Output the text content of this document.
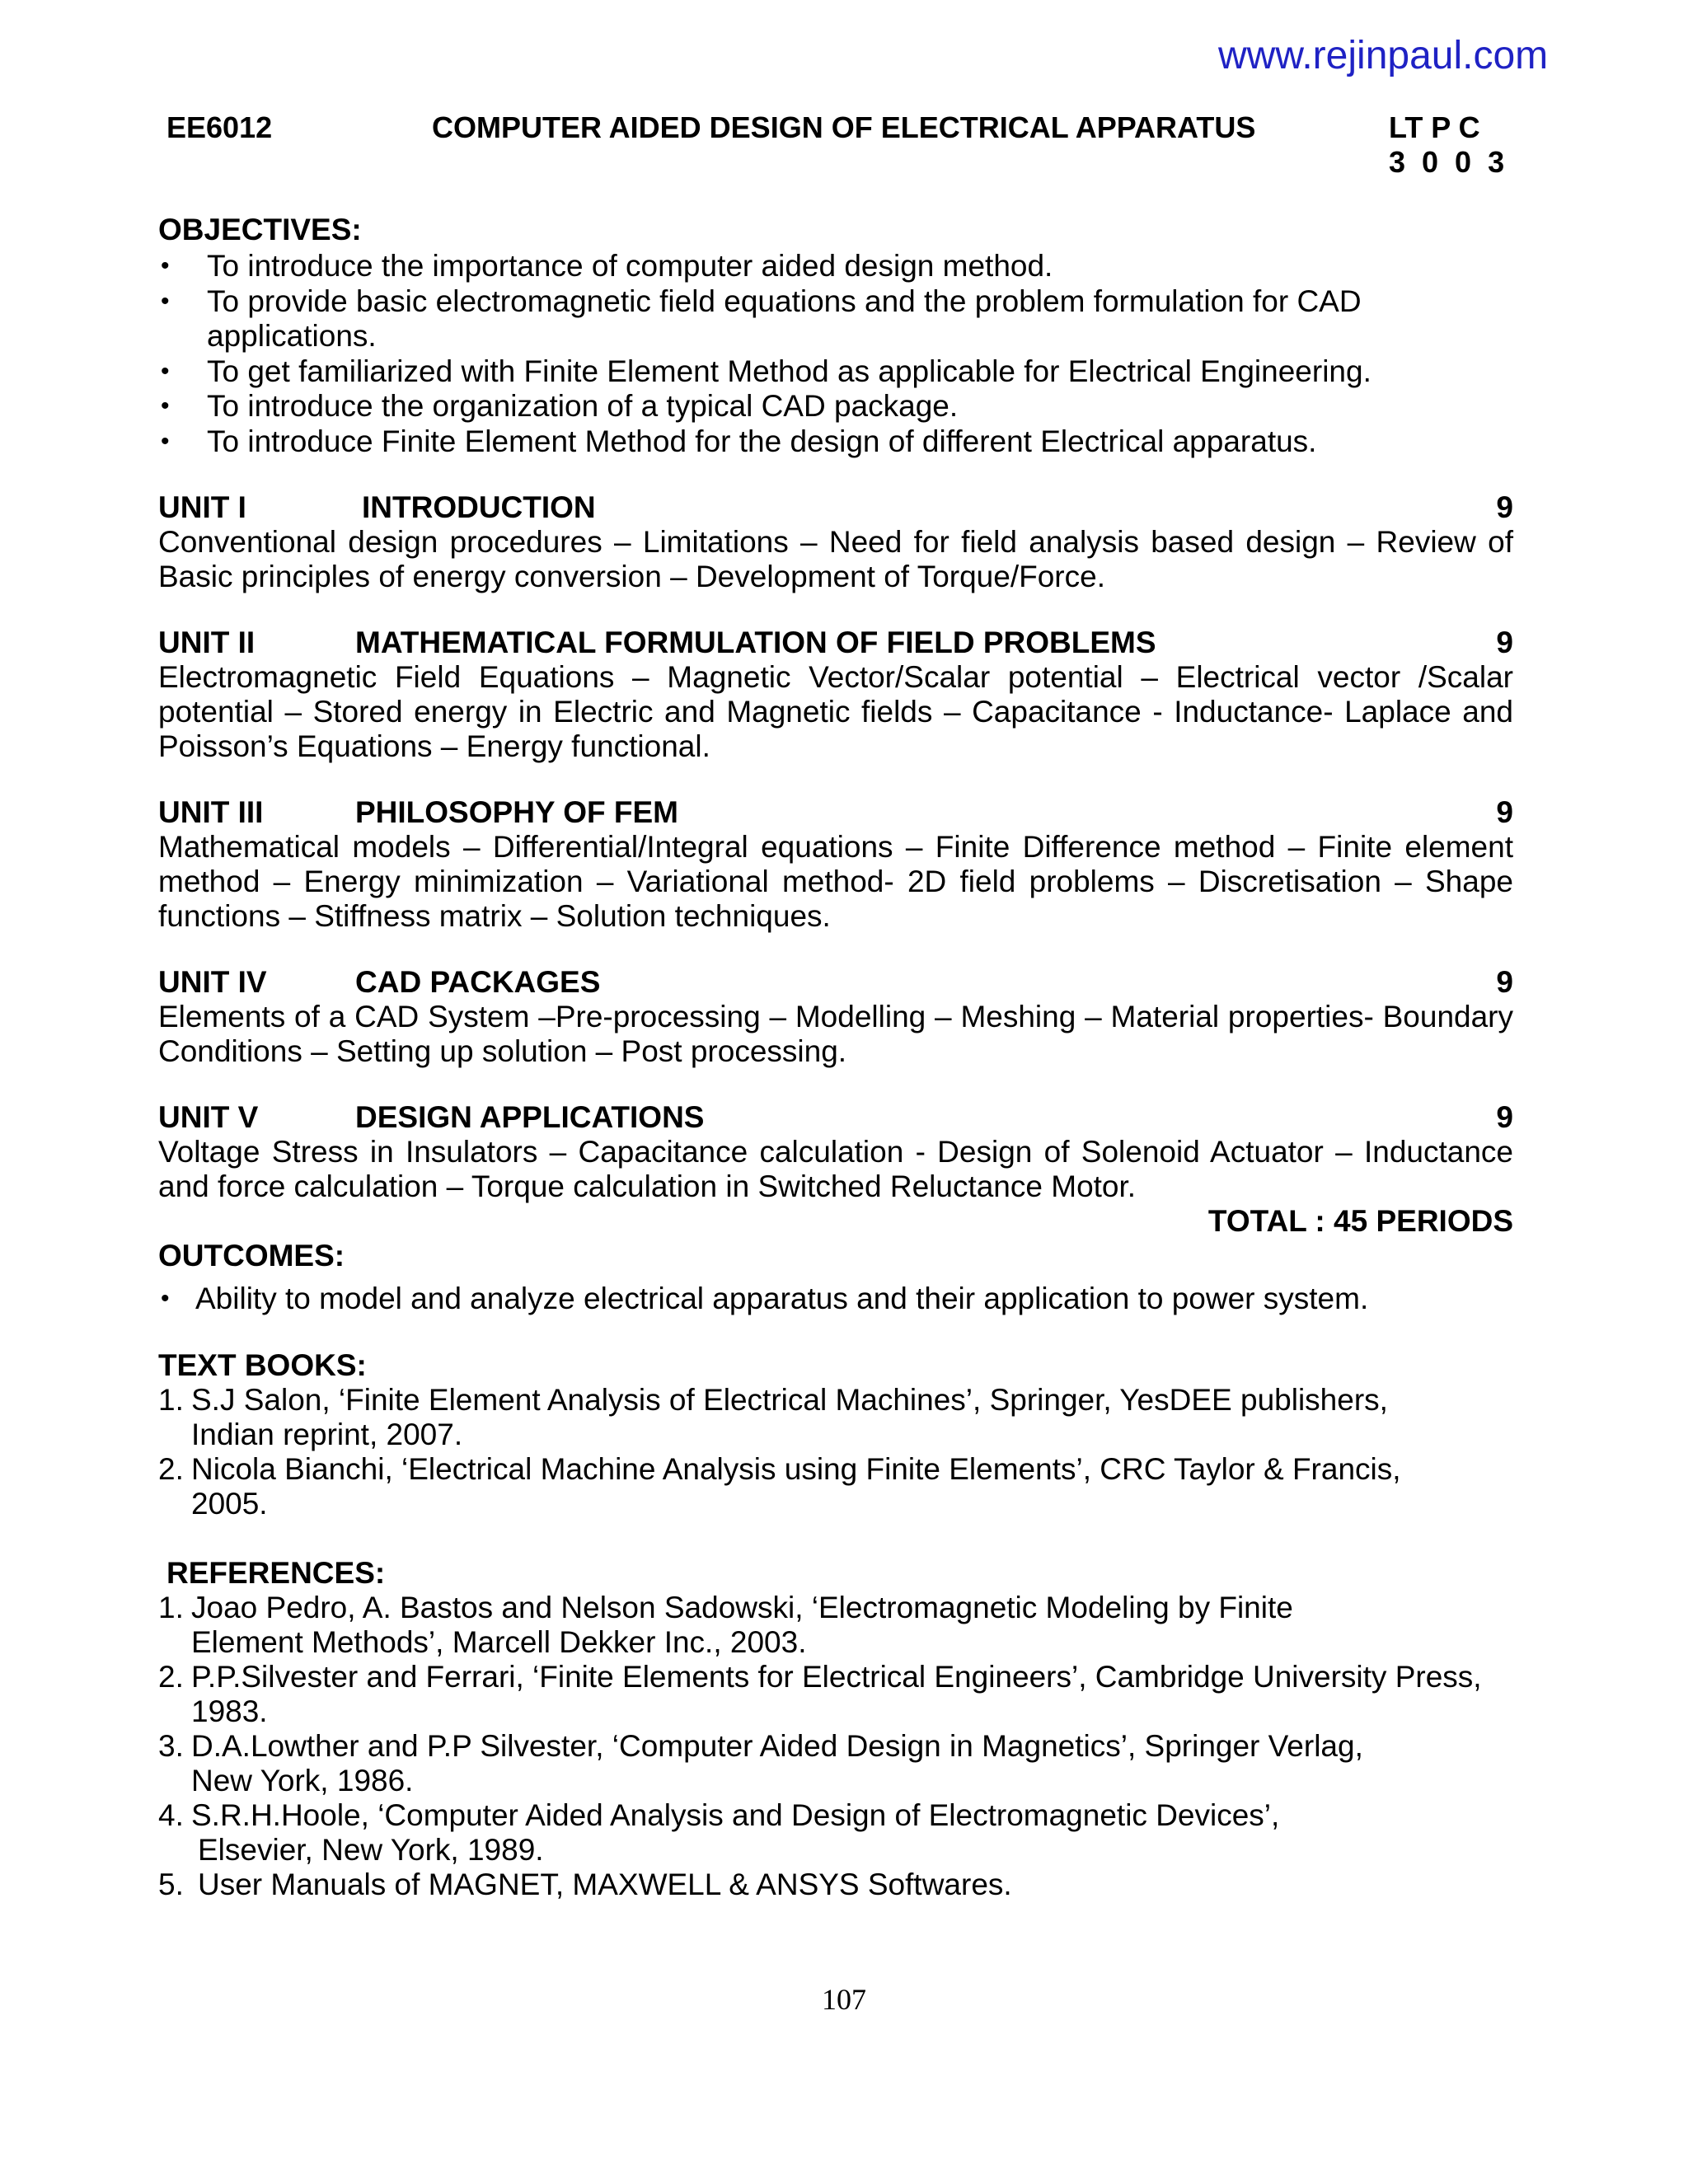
www.rejinpaul.com
EE6012	COMPUTER AIDED DESIGN OF ELECTRICAL APPARATUS	LT P C
3 0 0 3
OBJECTIVES:
• To introduce the importance of computer aided design method.
• To provide basic electromagnetic field equations and the problem formulation for CAD applications.
• To get familiarized with Finite Element Method as applicable for Electrical Engineering.
• To introduce the organization of a typical CAD package.
• To introduce Finite Element Method for the design of different Electrical apparatus.
UNIT I	INTRODUCTION	9
Conventional design procedures – Limitations – Need for field analysis based design – Review of Basic principles of energy conversion – Development of Torque/Force.
UNIT II	MATHEMATICAL FORMULATION OF FIELD PROBLEMS	9
Electromagnetic Field Equations – Magnetic Vector/Scalar potential – Electrical vector /Scalar potential – Stored energy in Electric and Magnetic fields – Capacitance - Inductance- Laplace and Poisson’s Equations – Energy functional.
UNIT III	PHILOSOPHY OF FEM	9
Mathematical models – Differential/Integral equations – Finite Difference method – Finite element method – Energy minimization – Variational method- 2D field problems – Discretisation – Shape functions – Stiffness matrix – Solution techniques.
UNIT IV	CAD PACKAGES	9
Elements of a CAD System –Pre-processing – Modelling – Meshing – Material properties- Boundary Conditions – Setting up solution – Post processing.
UNIT V	DESIGN APPLICATIONS	9
Voltage Stress in Insulators – Capacitance calculation - Design of Solenoid Actuator – Inductance and force calculation – Torque calculation in Switched Reluctance Motor.
TOTAL : 45 PERIODS
OUTCOMES:
• Ability to model and analyze electrical apparatus and their application to power system.
TEXT BOOKS:
1. S.J Salon, ‘Finite Element Analysis of Electrical Machines’, Springer, YesDEE publishers,
Indian reprint, 2007.
2. Nicola Bianchi, ‘Electrical Machine Analysis using Finite Elements’, CRC Taylor & Francis,
2005.
REFERENCES:
1. Joao Pedro, A. Bastos and Nelson Sadowski, ‘Electromagnetic Modeling by Finite
Element Methods’, Marcell Dekker Inc., 2003.
2. P.P.Silvester and Ferrari, ‘Finite Elements for Electrical Engineers’, Cambridge University Press,
1983.
3. D.A.Lowther and P.P Silvester, ‘Computer Aided Design in Magnetics’, Springer Verlag,
New York, 1986.
4. S.R.H.Hoole, ‘Computer Aided Analysis and Design of Electromagnetic Devices’,
Elsevier, New York, 1989.
5. User Manuals of MAGNET, MAXWELL & ANSYS Softwares.
107
